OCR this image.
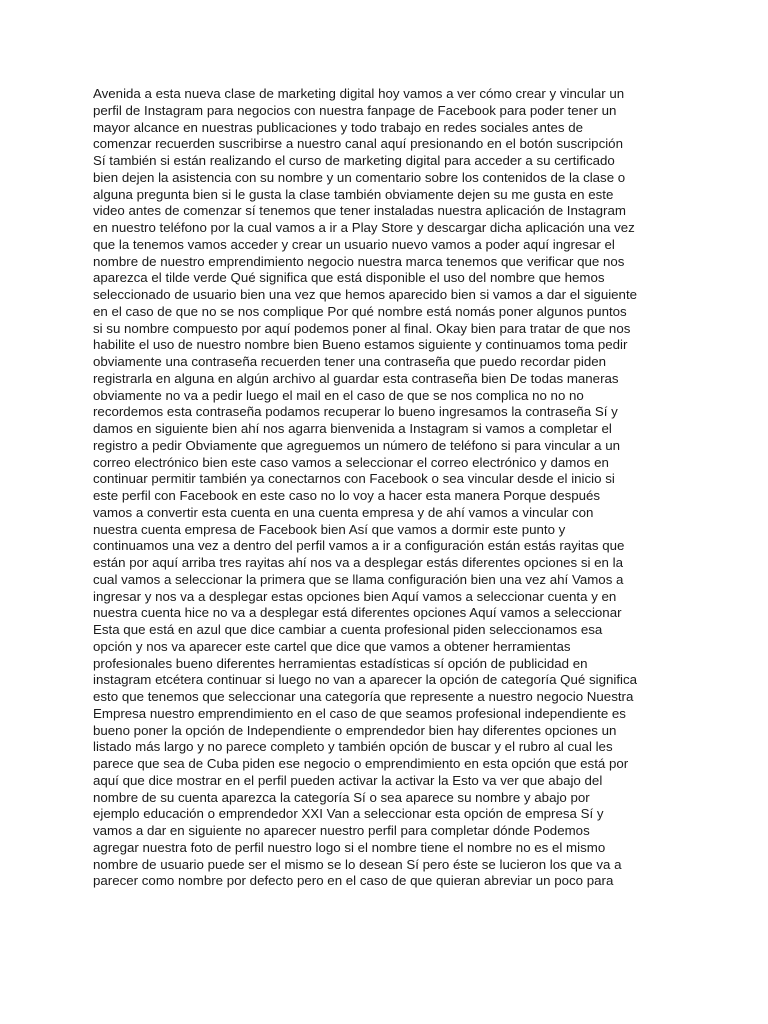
Avenida a esta nueva clase de marketing digital hoy vamos a ver cómo crear y vincular un
perfil de Instagram para negocios con nuestra fanpage de Facebook para poder tener un
mayor alcance en nuestras publicaciones y todo trabajo en redes sociales antes de
comenzar recuerden suscribirse a nuestro canal aquí presionando en el botón suscripción
Sí también si están realizando el curso de marketing digital para acceder a su certificado
bien dejen la asistencia con su nombre y un comentario sobre los contenidos de la clase o
alguna pregunta bien si le gusta la clase también obviamente dejen su me gusta en este
video antes de comenzar sí tenemos que tener instaladas nuestra aplicación de Instagram
en nuestro teléfono por la cual vamos a ir a Play Store y descargar dicha aplicación una vez
que la tenemos vamos acceder y crear un usuario nuevo vamos a poder aquí ingresar el
nombre de nuestro emprendimiento negocio nuestra marca tenemos que verificar que nos
aparezca el tilde verde Qué significa que está disponible el uso del nombre que hemos
seleccionado de usuario bien una vez que hemos aparecido bien si vamos a dar el siguiente
en el caso de que no se nos complique Por qué nombre está nomás poner algunos puntos
si su nombre compuesto por aquí podemos poner al final. Okay bien para tratar de que nos
habilite el uso de nuestro nombre bien Bueno estamos siguiente y continuamos toma pedir
obviamente una contraseña recuerden tener una contraseña que puedo recordar piden
registrarla en alguna en algún archivo al guardar esta contraseña bien De todas maneras
obviamente no va a pedir luego el mail en el caso de que se nos complica no no no
recordemos esta contraseña podamos recuperar lo bueno ingresamos la contraseña Sí y
damos en siguiente bien ahí nos agarra bienvenida a Instagram si vamos a completar el
registro a pedir Obviamente que agreguemos un número de teléfono si para vincular a un
correo electrónico bien este caso vamos a seleccionar el correo electrónico y damos en
continuar permitir también ya conectarnos con Facebook o sea vincular desde el inicio si
este perfil con Facebook en este caso no lo voy a hacer esta manera Porque después
vamos a convertir esta cuenta en una cuenta empresa y de ahí vamos a vincular con
nuestra cuenta empresa de Facebook bien Así que vamos a dormir este punto y
continuamos una vez a dentro del perfil vamos a ir a configuración están estás rayitas que
están por aquí arriba tres rayitas ahí nos va a desplegar estás diferentes opciones si en la
cual vamos a seleccionar la primera que se llama configuración bien una vez ahí Vamos a
ingresar y nos va a desplegar estas opciones bien Aquí vamos a seleccionar cuenta y en
nuestra cuenta hice no va a desplegar está diferentes opciones Aquí vamos a seleccionar
Esta que está en azul que dice cambiar a cuenta profesional piden seleccionamos esa
opción y nos va aparecer este cartel que dice que vamos a obtener herramientas
profesionales bueno diferentes herramientas estadísticas sí opción de publicidad en
instagram etcétera continuar si luego no van a aparecer la opción de categoría Qué significa
esto que tenemos que seleccionar una categoría que represente a nuestro negocio Nuestra
Empresa nuestro emprendimiento en el caso de que seamos profesional independiente es
bueno poner la opción de Independiente o emprendedor bien hay diferentes opciones un
listado más largo y no parece completo y también opción de buscar y el rubro al cual les
parece que sea de Cuba piden ese negocio o emprendimiento en esta opción que está por
aquí que dice mostrar en el perfil pueden activar la activar la Esto va ver que abajo del
nombre de su cuenta aparezca la categoría Sí o sea aparece su nombre y abajo por
ejemplo educación o emprendedor XXI Van a seleccionar esta opción de empresa Sí y
vamos a dar en siguiente no aparecer nuestro perfil para completar dónde Podemos
agregar nuestra foto de perfil nuestro logo si el nombre tiene el nombre no es el mismo
nombre de usuario puede ser el mismo se lo desean Sí pero éste se lucieron los que va a
parecer como nombre por defecto pero en el caso de que quieran abreviar un poco para
